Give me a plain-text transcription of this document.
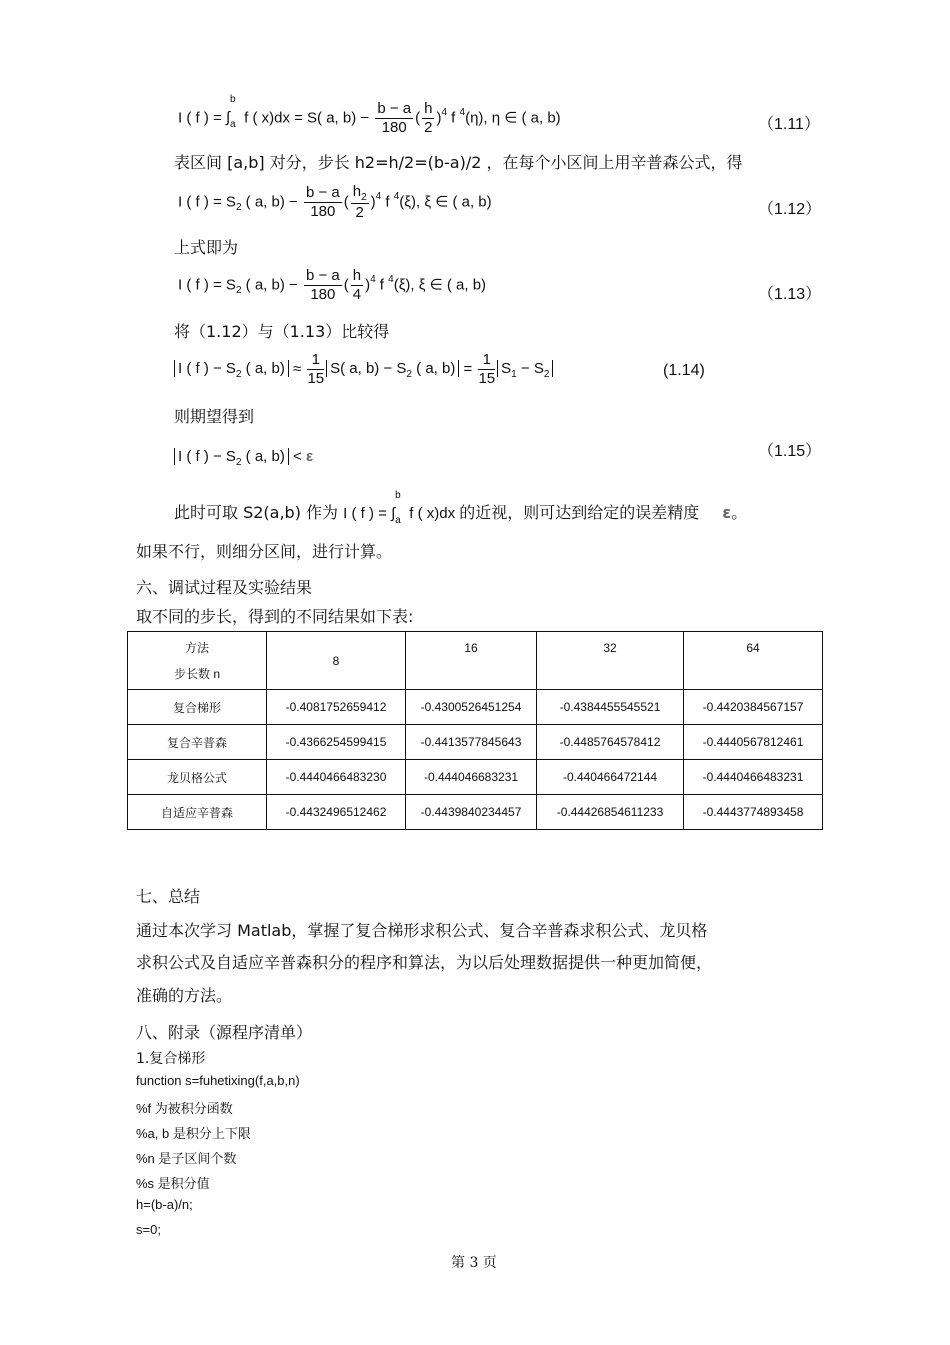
I ( f ) =
b
∫ a f ( x)dx = S( a, $b) - \frac{b - a}{180}$ ( $\frac{h}{2} )^4$ f $^4$(η), η ∈ ( a, b)	（1.11）
表区间 [a,b] 对分，步长 h2=h/2=(b-a)/2 ，在每个小区间上用辛普森公式，得
I ( f ) = $S_2$ ( a, $b) - \frac{b - a}{180}$ ( $\frac{h_2}{2} )^4$ f $^4$(ξ), ξ ∈ ( a, b)	（1.12）
上式即为
I ( f ) = $S_2$ ( a, $b) - \frac{b - a}{180}$ ( $\frac{h}{4} )^4$ f $^4$(ξ), ξ ∈ ( a, b)
（1.13）
将（1.12）与（1.13）比较得
I ( f ) − $S_2$ ( a, $b) \approx \frac{1}{15} S$( a, $b) - S_2$ ( a, $b) = \frac{1}{15} S_1 - S_2$	(1.14)
则期望得到
I ( f ) − $S_2$ ( a, b) < ε	（1.15）
此时可取 S2(a,b) 作为 I ( f ) =
b
∫ a f ( x)dx 的近视，则可达到给定的误差精度 ε。
如果不行，则细分区间，进行计算。
六、调试过程及实验结果
取不同的步长，得到的不同结果如下表:
方法
步长数 n	8	16	32	64
复合梯形	-0.4081752659412	-0.4300526451254	-0.4384455545521	-0.4420384567157
复合辛普森	-0.4366254599415	-0.4413577845643	-0.4485764578412	-0.4440567812461
龙贝格公式	-0.4440466483230	-0.444046683231	-0.440466472144	-0.4440466483231
自适应辛普森	-0.4432496512462	-0.4439840234457	-0.44426854611233	-0.4443774893458
七、总结
通过本次学习 Matlab，掌握了复合梯形求积公式、复合辛普森求积公式、龙贝格
求积公式及自适应辛普森积分的程序和算法，为以后处理数据提供一种更加简便，
准确的方法。
八、附录（源程序清单）
1.复合梯形
function s=fuhetixing(f,a,b,n)
%f 为被积分函数
%a, b 是积分上下限
%n 是子区间个数
%s 是积分值
h=(b-a)/n;
s=0;
第 3 页
